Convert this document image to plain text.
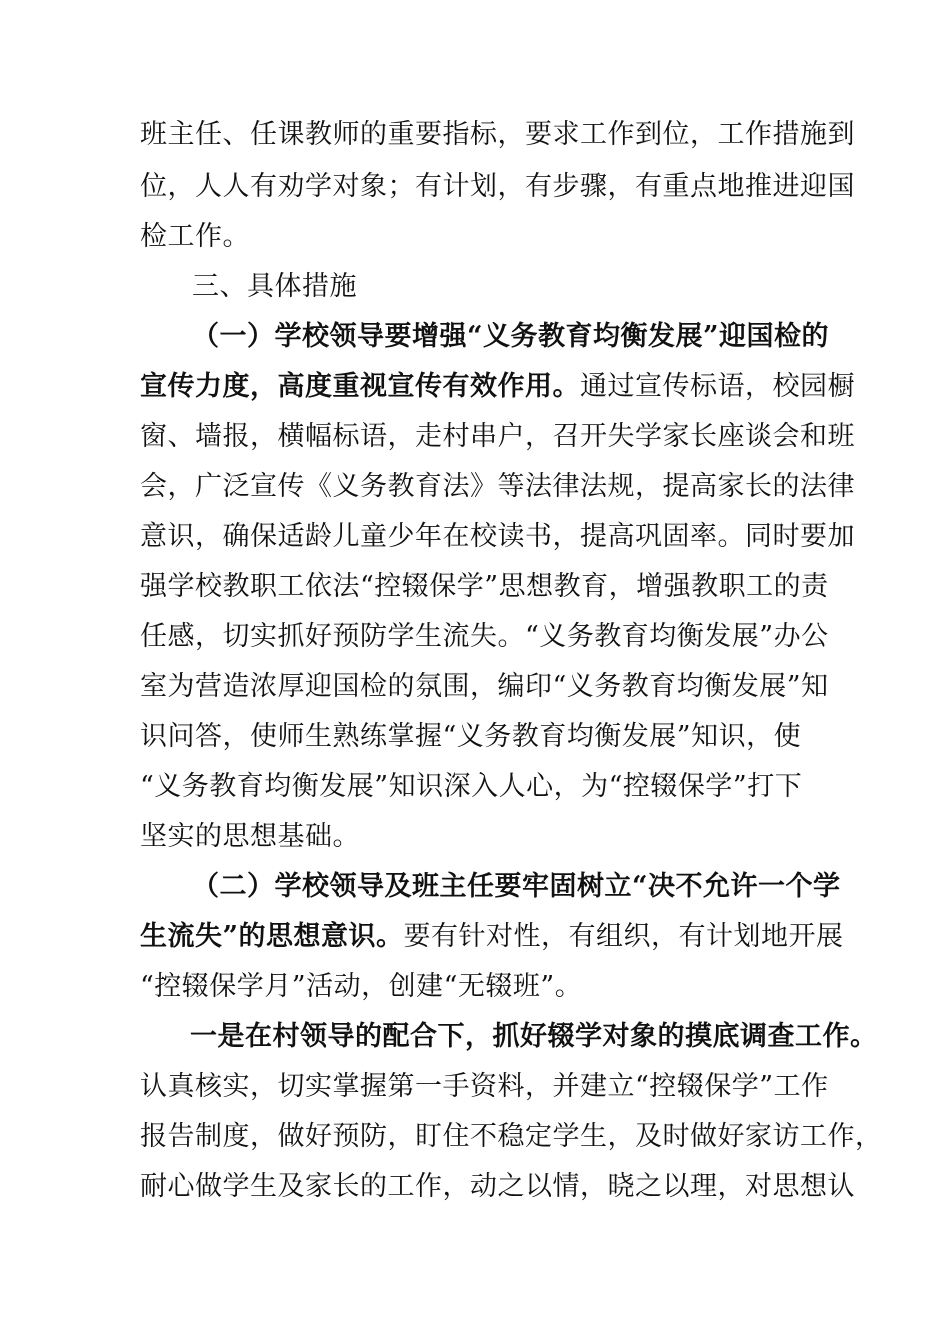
班主任、任课教师的重要指标，要求工作到位，工作措施到
位，人人有劝学对象；有计划，有步骤，有重点地推进迎国
检工作。
三、具体措施
（一）学校领导要增强“义务教育均衡发展”迎国检的
宣传力度，高度重视宣传有效作用。通过宣传标语，校园橱
窗、墙报，横幅标语，走村串户，召开失学家长座谈会和班
会，广泛宣传《义务教育法》等法律法规，提高家长的法律
意识，确保适龄儿童少年在校读书，提高巩固率。同时要加
强学校教职工依法“控辍保学”思想教育，增强教职工的责
任感，切实抓好预防学生流失。“义务教育均衡发展”办公
室为营造浓厚迎国检的氛围，编印“义务教育均衡发展”知
识问答，使师生熟练掌握“义务教育均衡发展”知识，使
“义务教育均衡发展”知识深入人心，为“控辍保学”打下
坚实的思想基础。
（二）学校领导及班主任要牢固树立“决不允许一个学
生流失”的思想意识。要有针对性，有组织，有计划地开展
“控辍保学月”活动，创建“无辍班”。
一是在村领导的配合下，抓好辍学对象的摸底调查工作。
认真核实，切实掌握第一手资料，并建立“控辍保学”工作
报告制度，做好预防，盯住不稳定学生，及时做好家访工作，
耐心做学生及家长的工作，动之以情，晓之以理，对思想认
